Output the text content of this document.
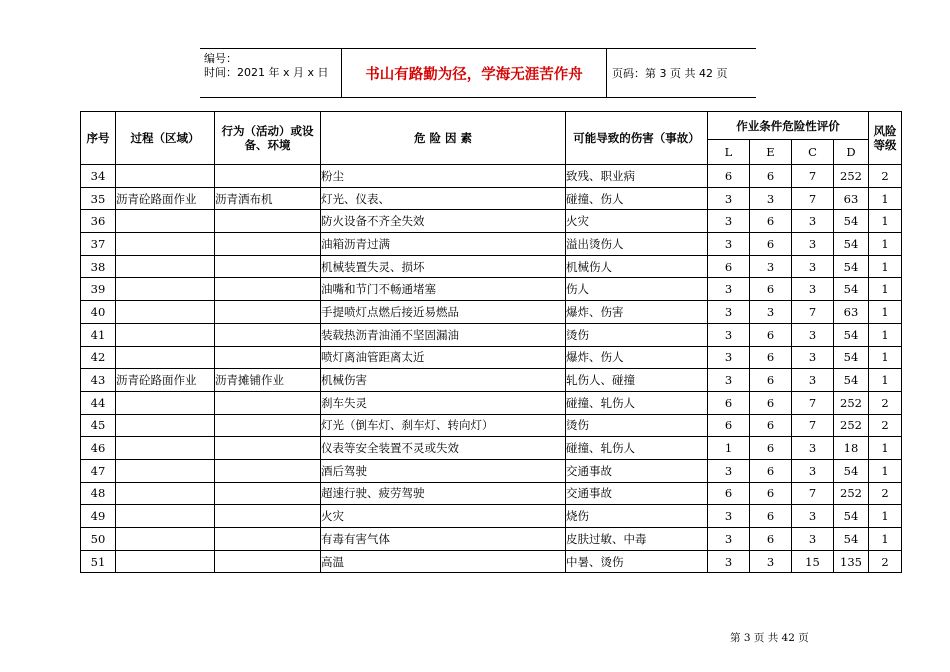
编号：
时间：2021 年 x 月 x 日	书山有路勤为径，学海无涯苦作舟	页码：第 3 页 共 42 页
序号	过程（区域）	行为（活动）或设备、环境	危 险 因 素	可能导致的伤害（事故）	作业条件危险性评价				风险等级
					L	E	C	D	
34			粉尘	致残、职业病	6	6	7	252	2
35	沥青砼路面作业	沥青洒布机	灯光、仪表、	碰撞、伤人	3	3	7	63	1
36			防火设备不齐全失效	火灾	3	6	3	54	1
37			油箱沥青过满	溢出烫伤人	3	6	3	54	1
38			机械装置失灵、损坏	机械伤人	6	3	3	54	1
39			油嘴和节门不畅通堵塞	伤人	3	6	3	54	1
40			手提喷灯点燃后接近易燃品	爆炸、伤害	3	3	7	63	1
41			装载热沥青油涌不坚固漏油	烫伤	3	6	3	54	1
42			喷灯离油管距离太近	爆炸、伤人	3	6	3	54	1
43	沥青砼路面作业	沥青摊铺作业	机械伤害	轧伤人、碰撞	3	6	3	54	1
44			刹车失灵	碰撞、轧伤人	6	6	7	252	2
45			灯光（倒车灯、刹车灯、转向灯）	烫伤	6	6	7	252	2
46			仪表等安全装置不灵或失效	碰撞、轧伤人	1	6	3	18	1
47			酒后驾驶	交通事故	3	6	3	54	1
48			超速行驶、疲劳驾驶	交通事故	6	6	7	252	2
49			火灾	烧伤	3	6	3	54	1
50			有毒有害气体	皮肤过敏、中毒	3	6	3	54	1
51			高温	中暑、烫伤	3	3	15	135	2
第 3 页 共 42 页
